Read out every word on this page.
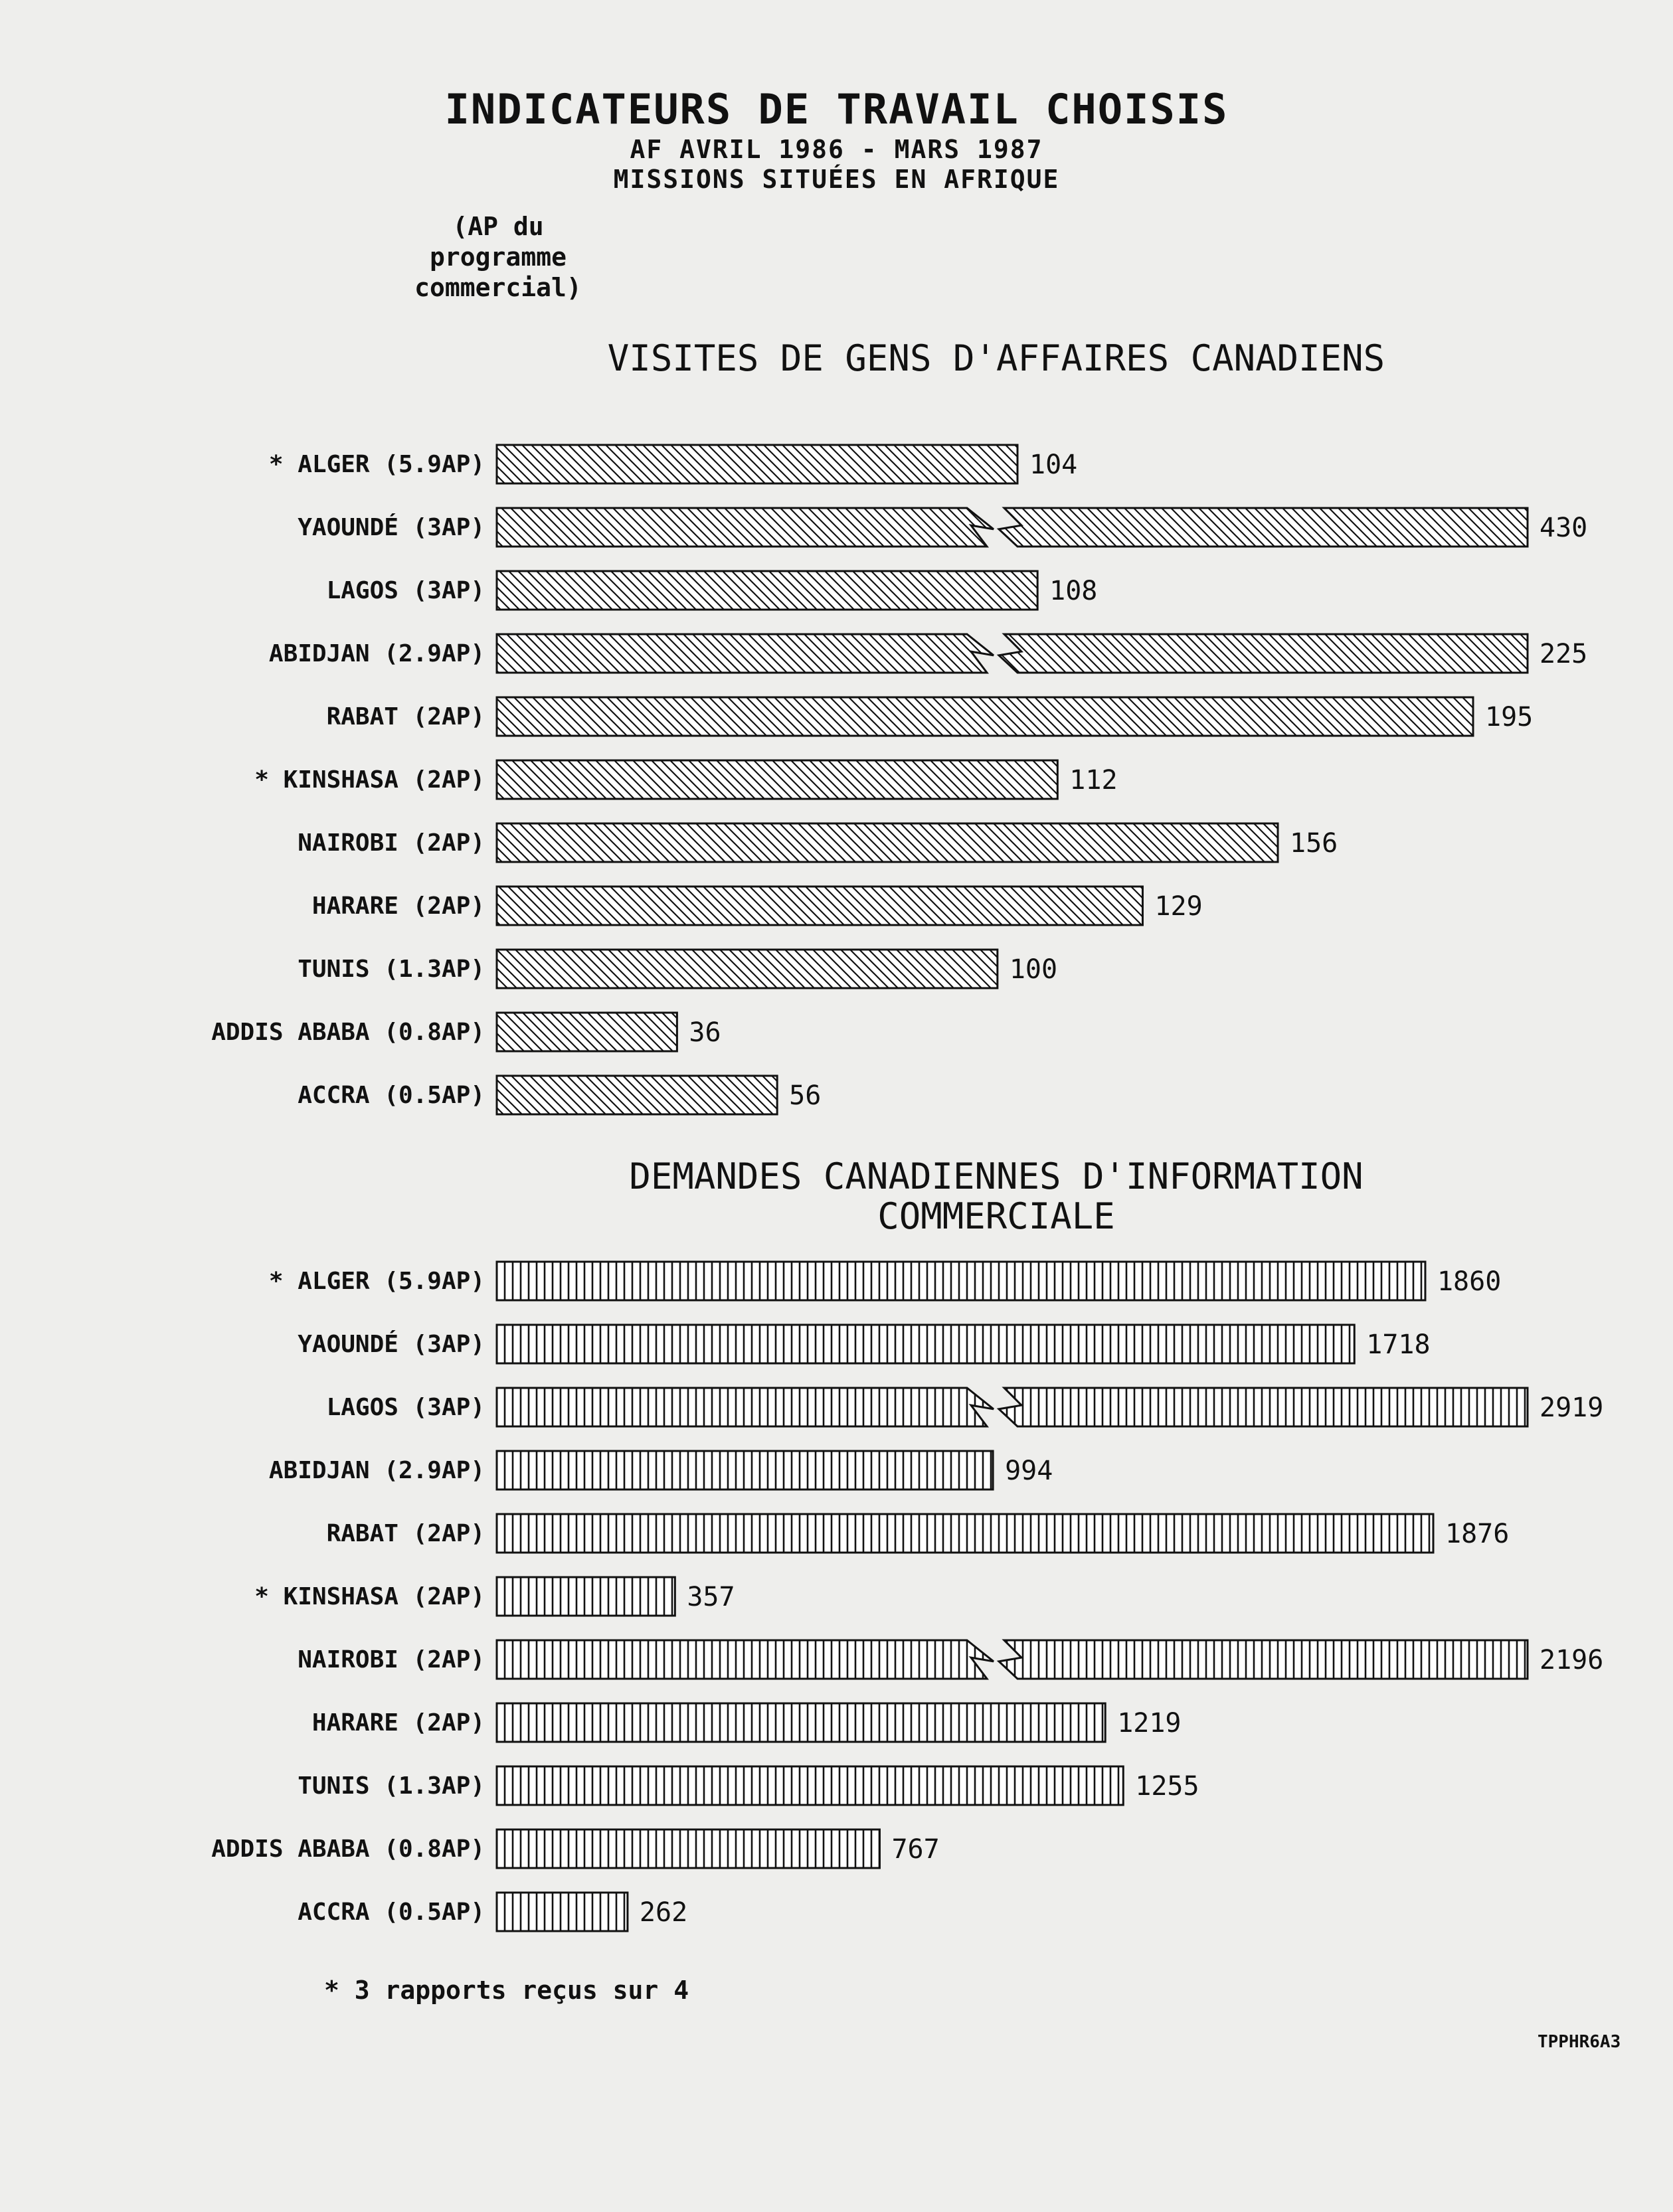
INDICATEURS DE TRAVAIL CHOISIS
AF AVRIL 1986 - MARS 1987
MISSIONS SITUÉES EN AFRIQUE
(AP du programme commercial)
VISITES DE GENS D'AFFAIRES CANADIENS
* ALGER (5.9AP)	104
YAOUNDÉ (3AP)	430
LAGOS (3AP)	108
ABIDJAN (2.9AP)	225
RABAT (2AP)	195
* KINSHASA (2AP)	112
NAIROBI (2AP)	156
HARARE (2AP)	129
TUNIS (1.3AP)	100
ADDIS ABABA (0.8AP)	36
ACCRA (0.5AP)	56
DEMANDES CANADIENNES D'INFORMATION COMMERCIALE
* ALGER (5.9AP)	1860
YAOUNDÉ (3AP)	1718
LAGOS (3AP)	2919
ABIDJAN (2.9AP)	994
RABAT (2AP)	1876
* KINSHASA (2AP)	357
NAIROBI (2AP)	2196
HARARE (2AP)	1219
TUNIS (1.3AP)	1255
ADDIS ABABA (0.8AP)	767
ACCRA (0.5AP)	262
* 3 rapports reçus sur 4
TPPHR6A3
